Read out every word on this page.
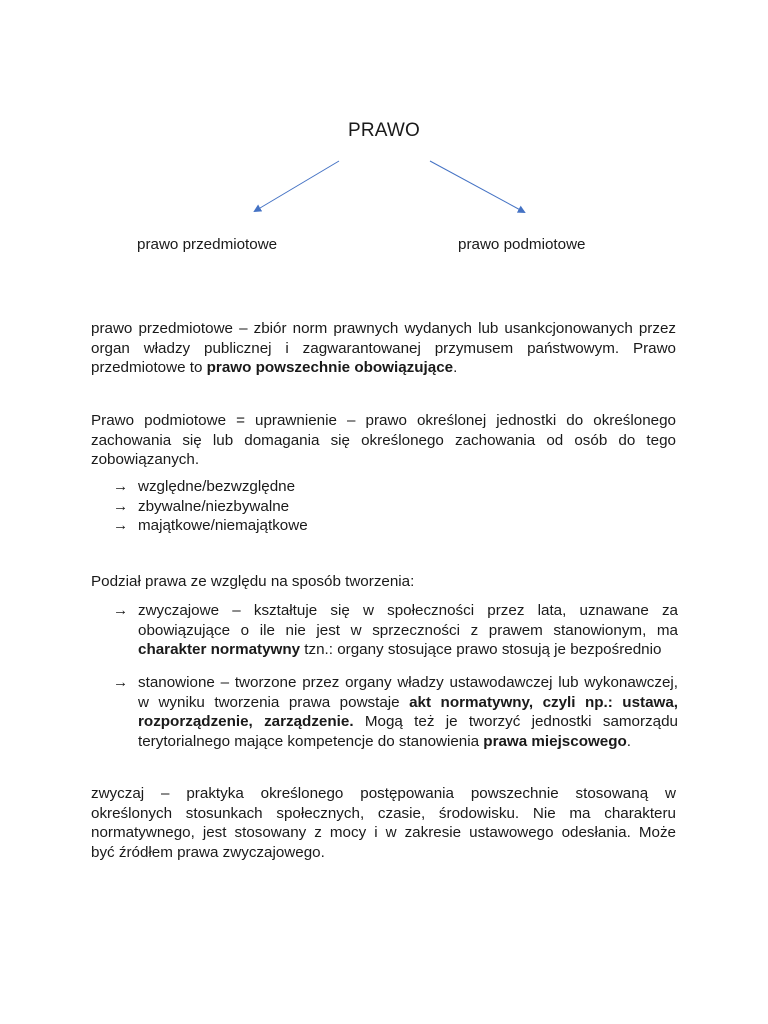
PRAWO
prawo przedmiotowe	prawo podmiotowe
prawo przedmiotowe – zbiór norm prawnych wydanych lub usankcjonowanych przez
organ władzy publicznej i zagwarantowanej przymusem państwowym. Prawo
przedmiotowe to prawo powszechnie obowiązujące.
Prawo podmiotowe = uprawnienie – prawo określonej jednostki do określonego
zachowania się lub domagania się określonego zachowania od osób do tego
zobowiązanych.
→ względne/bezwzględne
→ zbywalne/niezbywalne
→ majątkowe/niemajątkowe
Podział prawa ze względu na sposób tworzenia:
→ zwyczajowe – kształtuje się w społeczności przez lata, uznawane za
obowiązujące o ile nie jest w sprzeczności z prawem stanowionym, ma
charakter normatywny tzn.: organy stosujące prawo stosują je bezpośrednio
→ stanowione – tworzone przez organy władzy ustawodawczej lub wykonawczej,
w wyniku tworzenia prawa powstaje akt normatywny, czyli np.: ustawa,
rozporządzenie, zarządzenie. Mogą też je tworzyć jednostki samorządu
terytorialnego mające kompetencje do stanowienia prawa miejscowego.
zwyczaj – praktyka określonego postępowania powszechnie stosowaną w
określonych stosunkach społecznych, czasie, środowisku. Nie ma charakteru
normatywnego, jest stosowany z mocy i w zakresie ustawowego odesłania. Może
być źródłem prawa zwyczajowego.
